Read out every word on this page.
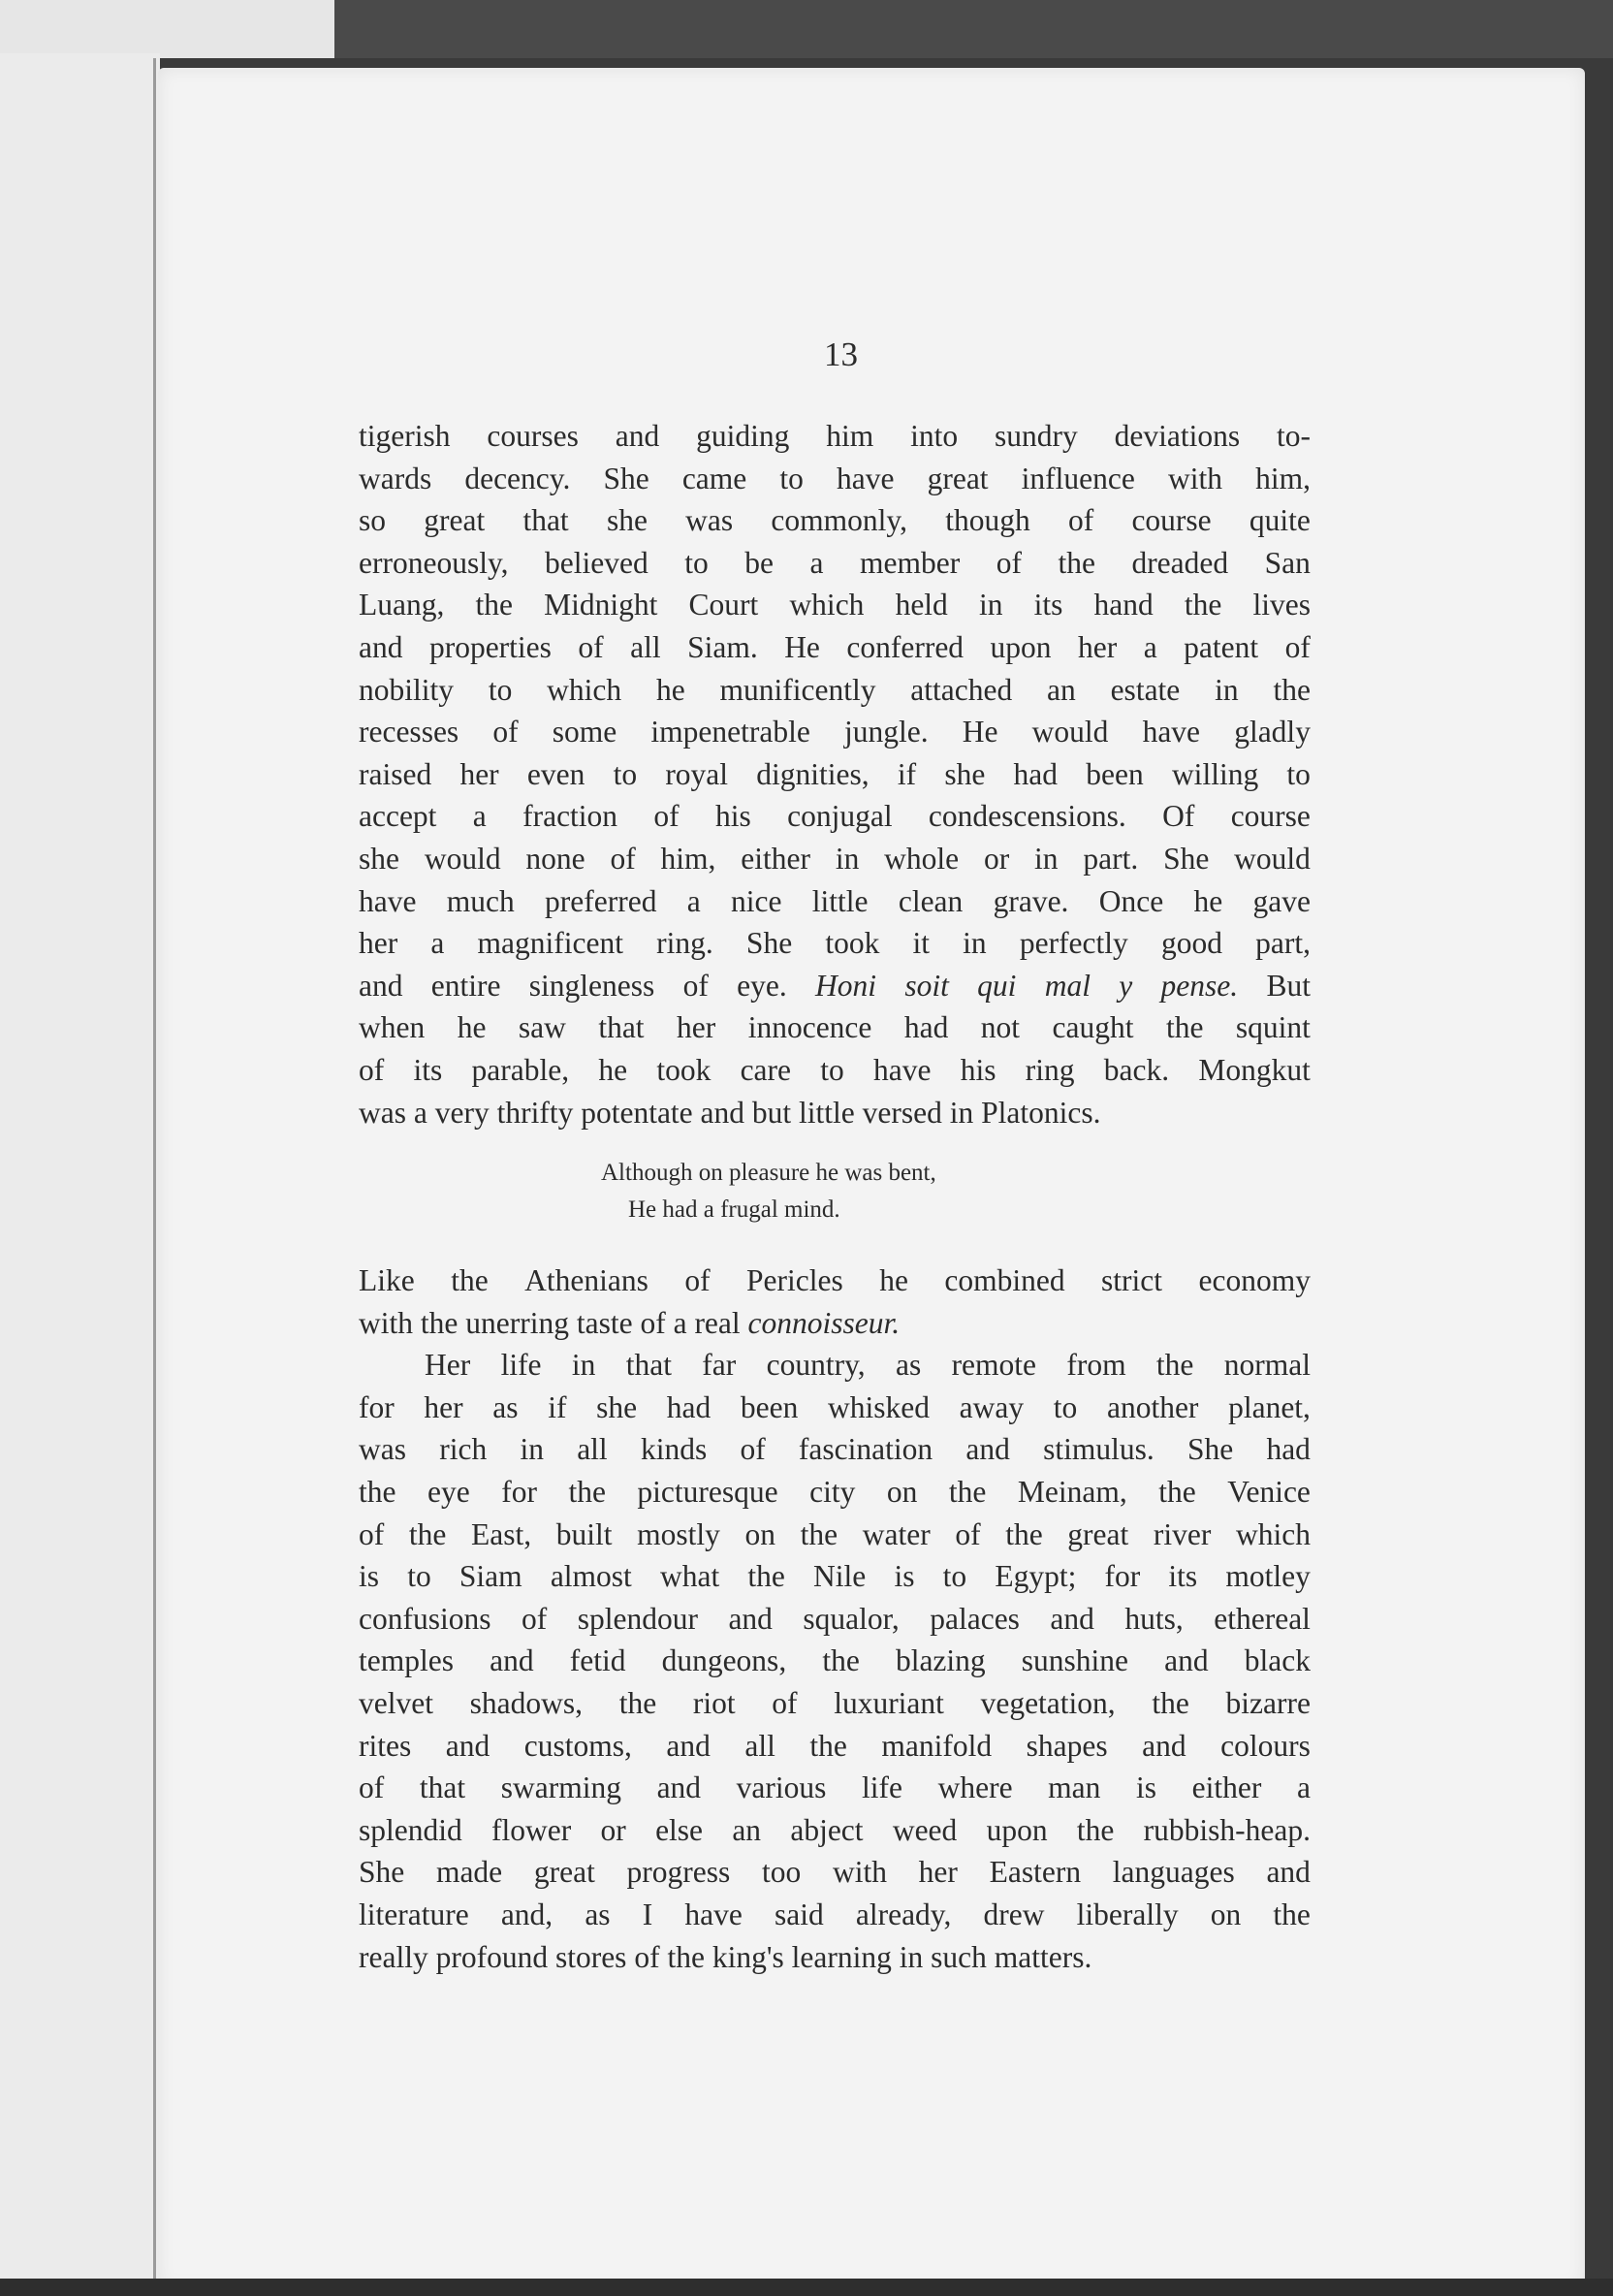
13
tigerish courses and guiding him into sundry deviations to-
wards decency. She came to have great influence with him,
so great that she was commonly, though of course quite
erroneously, believed to be a member of the dreaded San
Luang, the Midnight Court which held in its hand the lives
and properties of all Siam. He conferred upon her a patent of
nobility to which he munificently attached an estate in the
recesses of some impenetrable jungle. He would have gladly
raised her even to royal dignities, if she had been willing to
accept a fraction of his conjugal condescensions. Of course
she would none of him, either in whole or in part. She would
have much preferred a nice little clean grave. Once he gave
her a magnificent ring. She took it in perfectly good part,
and entire singleness of eye. Honi soit qui mal y pense. But
when he saw that her innocence had not caught the squint
of its parable, he took care to have his ring back. Mongkut
was a very thrifty potentate and but little versed in Platonics.
Although on pleasure he was bent,
He had a frugal mind.
Like the Athenians of Pericles he combined strict economy
with the unerring taste of a real connoisseur.
Her life in that far country, as remote from the normal
for her as if she had been whisked away to another planet,
was rich in all kinds of fascination and stimulus. She had
the eye for the picturesque city on the Meinam, the Venice
of the East, built mostly on the water of the great river which
is to Siam almost what the Nile is to Egypt; for its motley
confusions of splendour and squalor, palaces and huts, ethereal
temples and fetid dungeons, the blazing sunshine and black
velvet shadows, the riot of luxuriant vegetation, the bizarre
rites and customs, and all the manifold shapes and colours
of that swarming and various life where man is either a
splendid flower or else an abject weed upon the rubbish-heap.
She made great progress too with her Eastern languages and
literature and, as I have said already, drew liberally on the
really profound stores of the king's learning in such matters.
